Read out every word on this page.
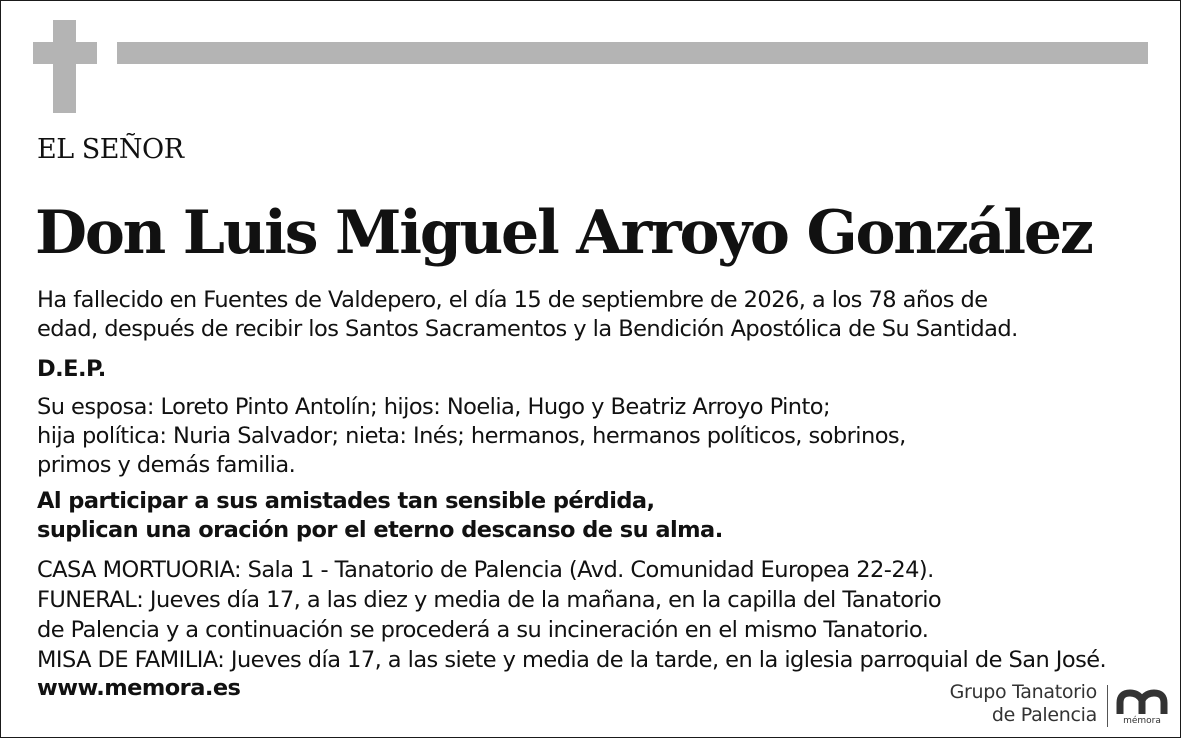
EL SEÑOR
Don Luis Miguel Arroyo González
Ha fallecido en Fuentes de Valdepero, el día 15 de septiembre de 2026, a los 78 años de
edad, después de recibir los Santos Sacramentos y la Bendición Apostólica de Su Santidad.
D.E.P.
Su esposa: Loreto Pinto Antolín; hijos: Noelia, Hugo y Beatriz Arroyo Pinto;
hija política: Nuria Salvador; nieta: Inés; hermanos, hermanos políticos, sobrinos,
primos y demás familia.
Al participar a sus amistades tan sensible pérdida,
suplican una oración por el eterno descanso de su alma.
CASA MORTUORIA: Sala 1 - Tanatorio de Palencia (Avd. Comunidad Europea 22-24).
FUNERAL: Jueves día 17, a las diez y media de la mañana, en la capilla del Tanatorio
de Palencia y a continuación se procederá a su incineración en el mismo Tanatorio.
MISA DE FAMILIA: Jueves día 17, a las siete y media de la tarde, en la iglesia parroquial de San José.
www.memora.es	Grupo Tanatorio
de Palencia	mémora
